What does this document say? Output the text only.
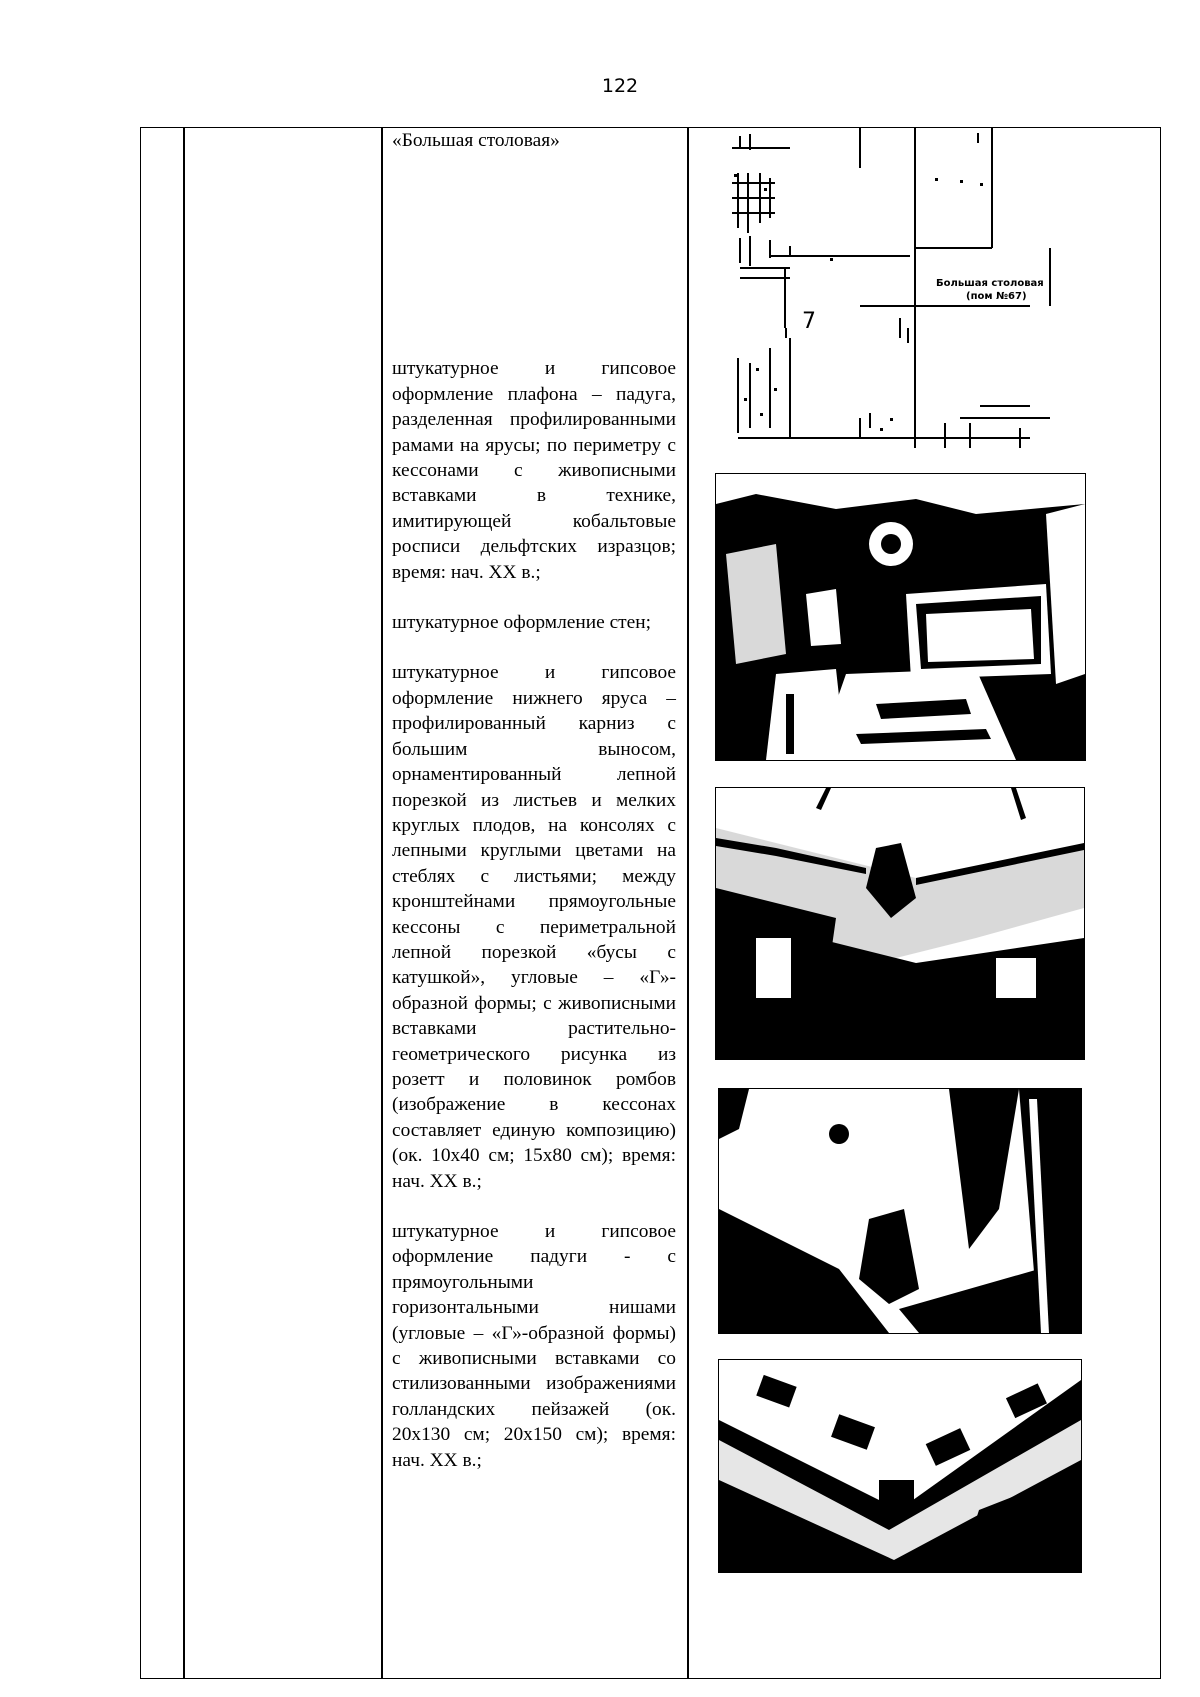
122
«Большая столовая»

штукатурное и гипсовое оформление плафона – падуга, разделенная профилированными рамами на ярусы; по периметру с кессонами с живописными вставками в технике, имитирующей кобальтовые росписи дельфтских изразцов; время: нач. XX в.;

штукатурное оформление стен;

штукатурное и гипсовое оформление нижнего яруса – профилированный карниз с большим выносом, орнаментированный лепной порезкой из листьев и мелких круглых плодов, на консолях с лепными круглыми цветами на стеблях с листьями; между кронштейнами прямоугольные кессоны с периметральной лепной порезкой «бусы с катушкой», угловые – «Г»-образной формы; с живописными вставками растительно-геометрического рисунка из розетт и половинок ромбов (изображение в кессонах составляет единую композицию) (ок. 10х40 см; 15х80 см); время: нач. XX в.;

штукатурное и гипсовое оформление падуги - с прямоугольными горизонтальными нишами (угловые – «Г»-образной формы) с живописными вставками со стилизованными изображениями голландских пейзажей (ок. 20х130 см; 20х150 см); время: нач. XX в.;

7
Большая столовая
(пом №67)
